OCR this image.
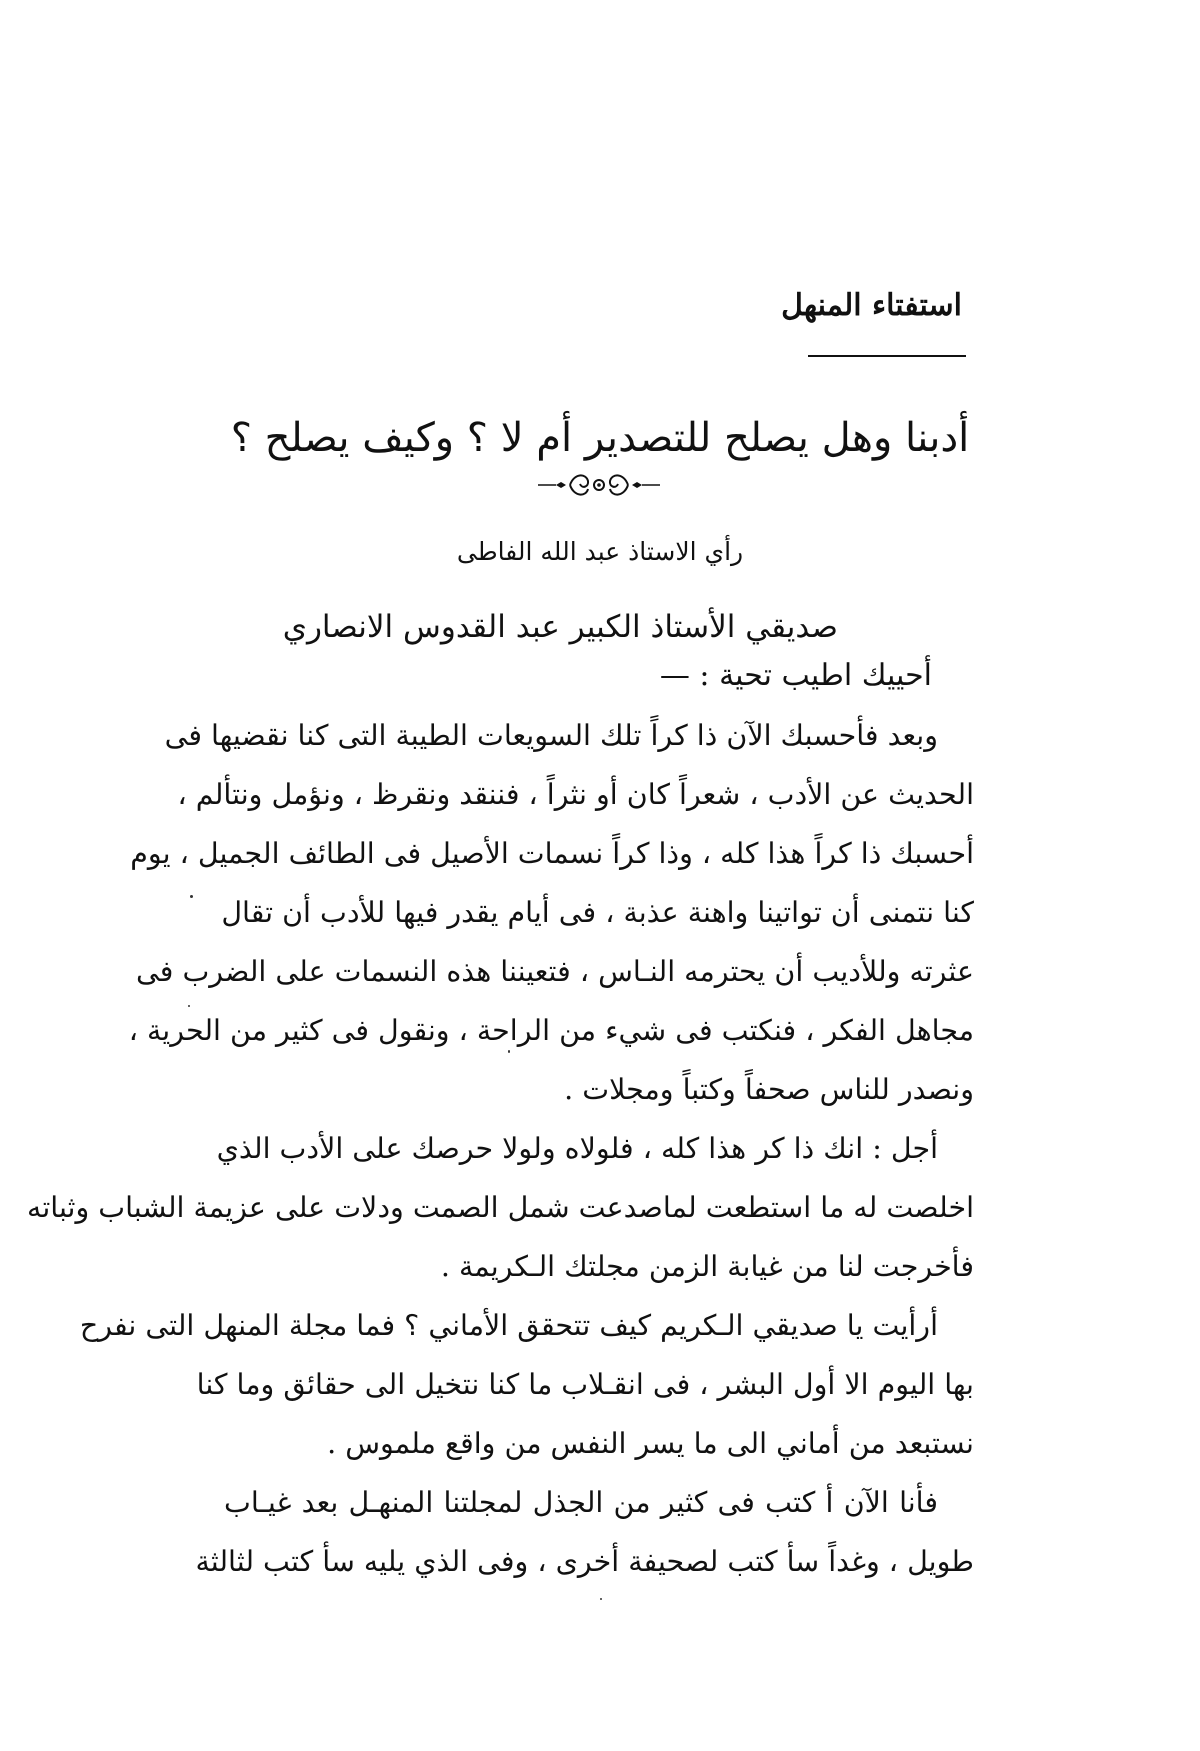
استفتاء المنهل
أدبنا وهل يصلح للتصدير أم لا ؟ وكيف يصلح ؟
رأي الاستاذ عبد الله الفاطى
صديقي الأستاذ الكبير عبد القدوس الانصاري
أحييك اطيب تحية : —
وبعد فأحسبك الآن ذا كراً تلك السويعات الطيبة التى كنا نقضيها فى
الحديث عن الأدب ، شعراً كان أو نثراً ، فننقد ونقرظ ، ونؤمل ونتألم ،
أحسبك ذا كراً هذا كله ، وذا كراً نسمات الأصيل فى الطائف الجميل ، يوم
كنا نتمنى أن تواتينا واهنة عذبة ، فى أيام يقدر فيها للأدب أن تقال
عثرته وللأديب أن يحترمه النـاس ، فتعيننا هذه النسمات على الضرب فى
مجاهل الفكر ، فنكتب فى شيء من الراحة ، ونقول فى كثير من الحرية ،
ونصدر للناس صحفاً وكتباً ومجلات .
أجل : انك ذا كر هذا كله ، فلولاه ولولا حرصك على الأدب الذي
اخلصت له ما استطعت لماصدعت شمل الصمت ودلات على عزيمة الشباب وثباته
فأخرجت لنا من غيابة الزمن مجلتك الـكريمة .
أرأيت يا صديقي الـكريم كيف تتحقق الأماني ؟ فما مجلة المنهل التى نفرح
بها اليوم الا أول البشر ، فى انقـلاب ما كنا نتخيل الى حقائق وما كنا
نستبعد من أماني الى ما يسر النفس من واقع ملموس .
فأنا الآن أ كتب فى كثير من الجذل لمجلتنا المنهـل بعد غيـاب
طويل ، وغداً سأ كتب لصحيفة أخرى ، وفى الذي يليه سأ كتب لثالثة
